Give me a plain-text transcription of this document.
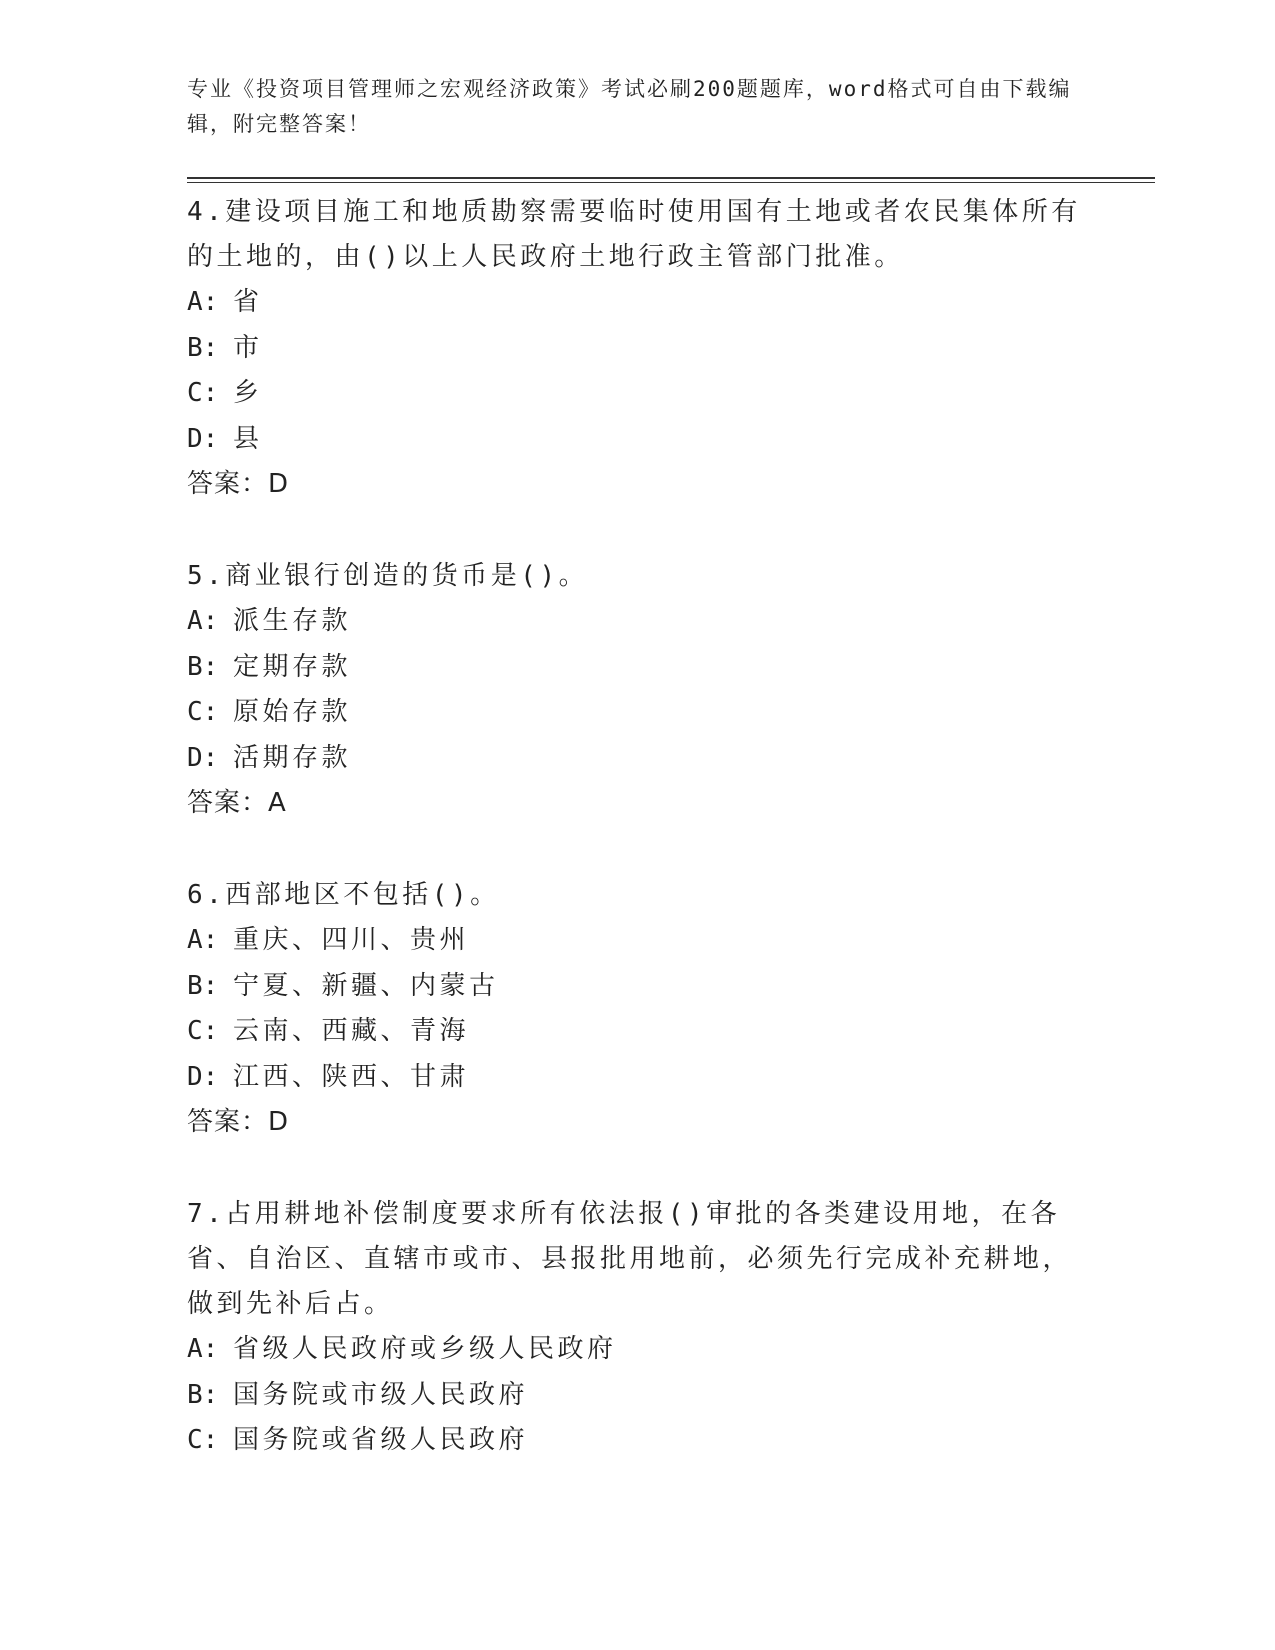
专业《投资项目管理师之宏观经济政策》考试必刷200题题库，word格式可自由下载编辑，附完整答案！

4.建设项目施工和地质勘察需要临时使用国有土地或者农民集体所有的土地的，由()以上人民政府土地行政主管部门批准。

A: 省

B: 市

C: 乡

D: 县

答案：D

5.商业银行创造的货币是()。

A: 派生存款

B: 定期存款

C: 原始存款

D: 活期存款

答案：A

6.西部地区不包括()。

A: 重庆、四川、贵州

B: 宁夏、新疆、内蒙古

C: 云南、西藏、青海

D: 江西、陕西、甘肃

答案：D

7.占用耕地补偿制度要求所有依法报()审批的各类建设用地，在各省、自治区、直辖市或市、县报批用地前，必须先行完成补充耕地，做到先补后占。

A: 省级人民政府或乡级人民政府

B: 国务院或市级人民政府

C: 国务院或省级人民政府
